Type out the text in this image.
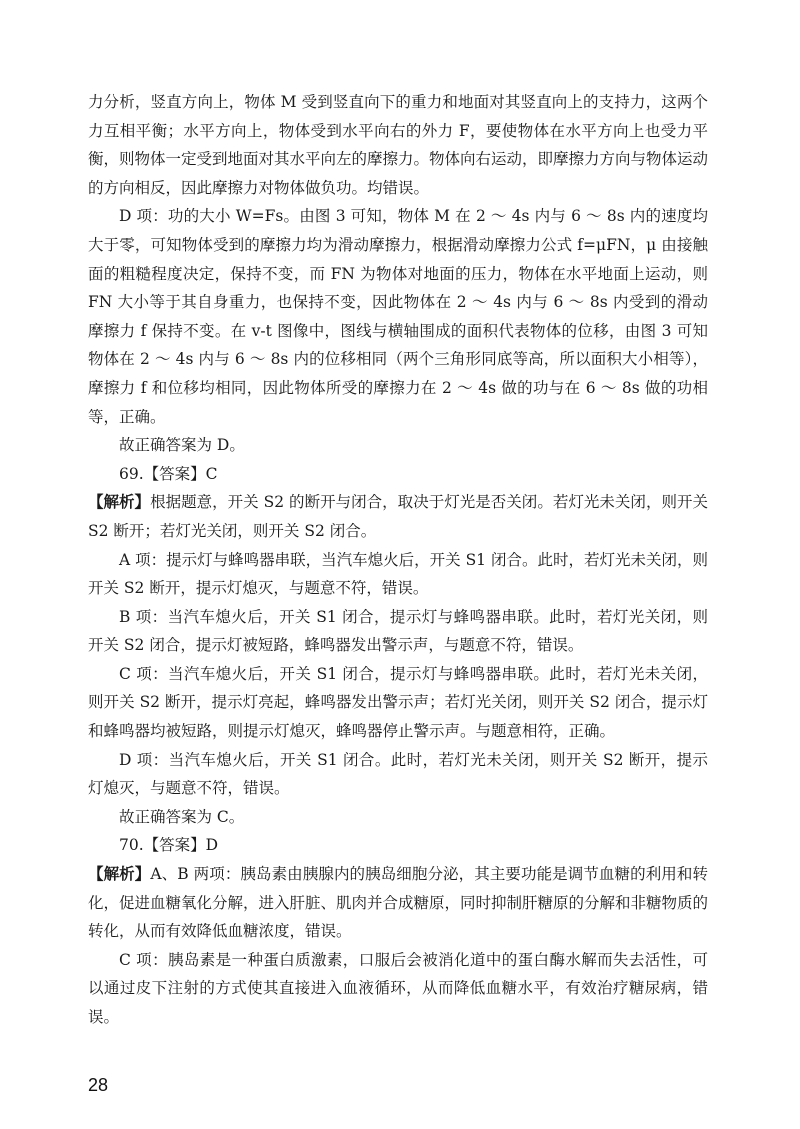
力分析，竖直方向上，物体 M 受到竖直向下的重力和地面对其竖直向上的支持力，这两个力互相平衡；水平方向上，物体受到水平向右的外力 F，要使物体在水平方向上也受力平衡，则物体一定受到地面对其水平向左的摩擦力。物体向右运动，即摩擦力方向与物体运动的方向相反，因此摩擦力对物体做负功。均错误。

D 项：功的大小 W=Fs。由图 3 可知，物体 M 在 2 ～ 4s 内与 6 ～ 8s 内的速度均大于零，可知物体受到的摩擦力均为滑动摩擦力，根据滑动摩擦力公式 f=μFN，μ 由接触面的粗糙程度决定，保持不变，而 FN 为物体对地面的压力，物体在水平地面上运动，则 FN 大小等于其自身重力，也保持不变，因此物体在 2 ～ 4s 内与 6 ～ 8s 内受到的滑动摩擦力 f 保持不变。在 v-t 图像中，图线与横轴围成的面积代表物体的位移，由图 3 可知物体在 2 ～ 4s 内与 6 ～ 8s 内的位移相同（两个三角形同底等高，所以面积大小相等），摩擦力 f 和位移均相同，因此物体所受的摩擦力在 2 ～ 4s 做的功与在 6 ～ 8s 做的功相等，正确。

故正确答案为 D。

69.【答案】C

【解析】根据题意，开关 S2 的断开与闭合，取决于灯光是否关闭。若灯光未关闭，则开关 S2 断开；若灯光关闭，则开关 S2 闭合。

A 项：提示灯与蜂鸣器串联，当汽车熄火后，开关 S1 闭合。此时，若灯光未关闭，则开关 S2 断开，提示灯熄灭，与题意不符，错误。

B 项：当汽车熄火后，开关 S1 闭合，提示灯与蜂鸣器串联。此时，若灯光关闭，则开关 S2 闭合，提示灯被短路，蜂鸣器发出警示声，与题意不符，错误。

C 项：当汽车熄火后，开关 S1 闭合，提示灯与蜂鸣器串联。此时，若灯光未关闭，则开关 S2 断开，提示灯亮起，蜂鸣器发出警示声；若灯光关闭，则开关 S2 闭合，提示灯和蜂鸣器均被短路，则提示灯熄灭，蜂鸣器停止警示声。与题意相符，正确。

D 项：当汽车熄火后，开关 S1 闭合。此时，若灯光未关闭，则开关 S2 断开，提示灯熄灭，与题意不符，错误。

故正确答案为 C。

70.【答案】D

【解析】A、B 两项：胰岛素由胰腺内的胰岛细胞分泌，其主要功能是调节血糖的利用和转化，促进血糖氧化分解，进入肝脏、肌肉并合成糖原，同时抑制肝糖原的分解和非糖物质的转化，从而有效降低血糖浓度，错误。

C 项：胰岛素是一种蛋白质激素，口服后会被消化道中的蛋白酶水解而失去活性，可以通过皮下注射的方式使其直接进入血液循环，从而降低血糖水平，有效治疗糖尿病，错误。

28
